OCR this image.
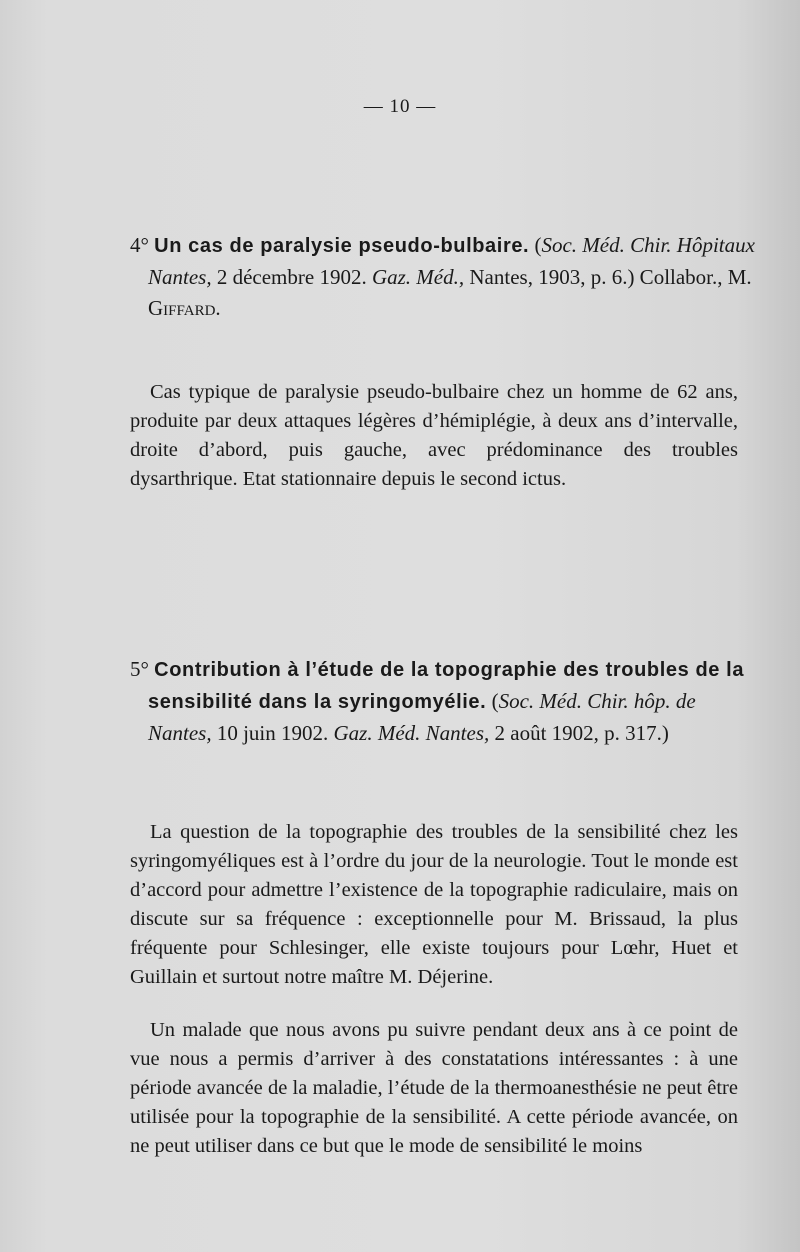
— 10 —
4° Un cas de paralysie pseudo-bulbaire. (Soc. Méd. Chir. Hôpitaux Nantes, 2 décembre 1902. Gaz. Méd., Nantes, 1903, p. 6.) Collabor., M. Giffard.

Cas typique de paralysie pseudo-bulbaire chez un homme de 62 ans, produite par deux attaques légères d’hémiplégie, à deux ans d’intervalle, droite d’abord, puis gauche, avec prédominance des troubles dysarthrique. Etat stationnaire depuis le second ictus.

5° Contribution à l’étude de la topographie des troubles de la sensibilité dans la syringomyélie. (Soc. Méd. Chir. hôp. de Nantes, 10 juin 1902. Gaz. Méd. Nantes, 2 août 1902, p. 317.)

La question de la topographie des troubles de la sensibilité chez les syringomyéliques est à l’ordre du jour de la neurologie. Tout le monde est d’accord pour admettre l’existence de la topographie radiculaire, mais on discute sur sa fréquence : exceptionnelle pour M. Brissaud, la plus fréquente pour Schlesinger, elle existe toujours pour Lœhr, Huet et Guillain et surtout notre maître M. Déjerine.

Un malade que nous avons pu suivre pendant deux ans à ce point de vue nous a permis d’arriver à des constatations intéressantes : à une période avancée de la maladie, l’étude de la thermoanesthésie ne peut être utilisée pour la topographie de la sensibilité. A cette période avancée, on ne peut utiliser dans ce but que le mode de sensibilité le moins
